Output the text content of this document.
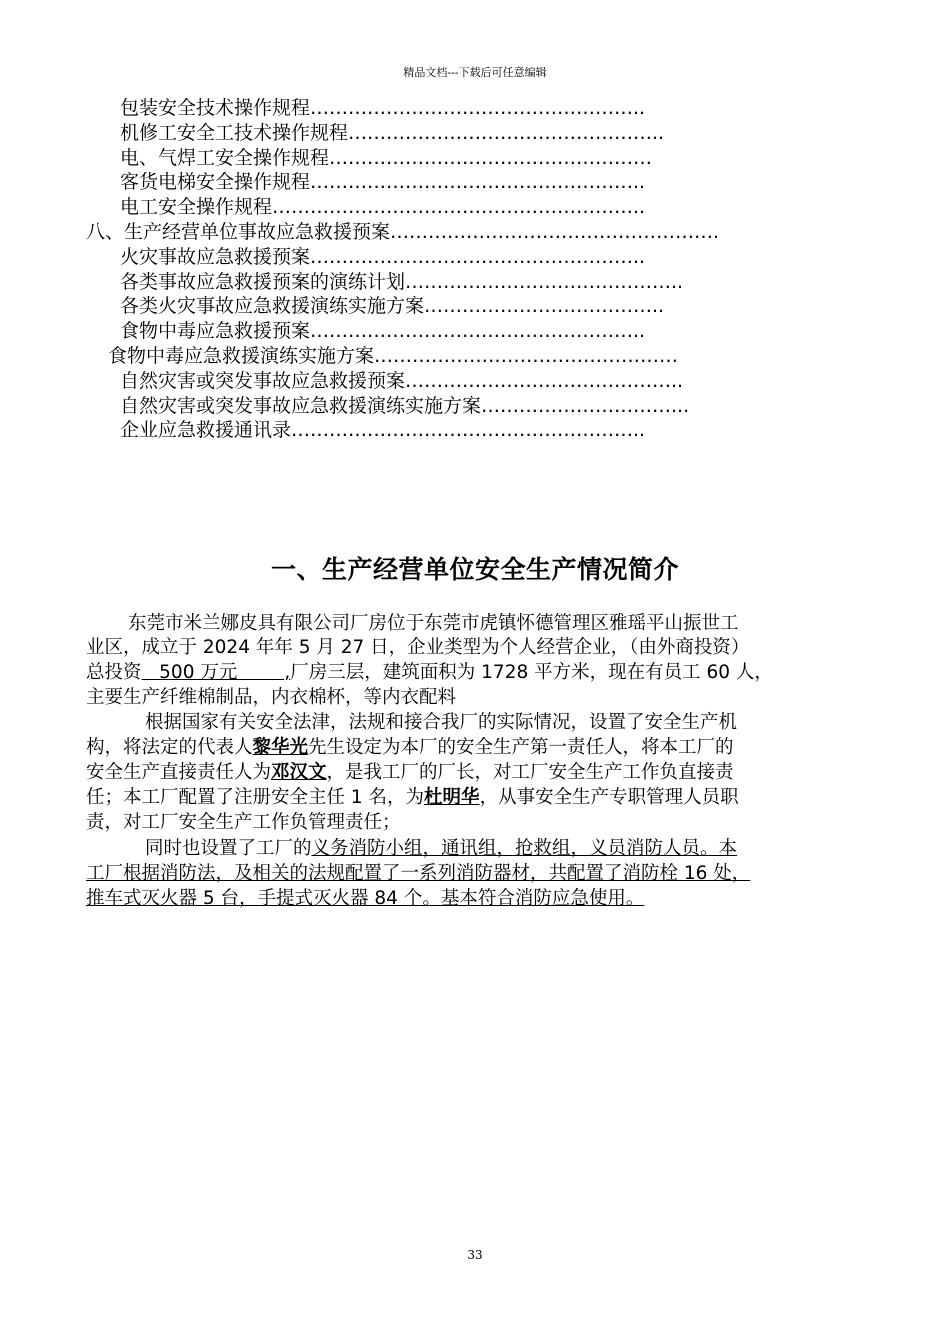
精品文档---下载后可任意编辑
包装安全技术操作规程……………………………………………..
机修工安全工技术操作规程…………………………………………..
电、气焊工安全操作规程……………………………………………
客货电梯安全操作规程……………………………………………..
电工安全操作规程…………………………………………………..
八、生产经营单位事故应急救援预案…………………………………………….
火灾事故应急救援预案……………………………………………..
各类事故应急救援预案的演练计划……………………………………..
各类火灾事故应急救援演练实施方案………………………………..
食物中毒应急救援预案……………………………………………..
食物中毒应急救援演练实施方案…………………………………………
自然灾害或突发事故应急救援预案……………………………………..
自然灾害或突发事故应急救援演练实施方案…………………………...
企业应急救援通讯录………………………………………………..
一、生产经营单位安全生产情况简介
东莞市米兰娜皮具有限公司厂房位于东莞市虎镇怀德管理区雅瑶平山振世工
业区，成立于 2024 年年 5 月 27 日，企业类型为个人经营企业，（由外商投资）
总投资   500 万元        ,厂房三层，建筑面积为 1728 平方米，现在有员工 60 人，
主要生产纤维棉制品，内衣棉杯，等内衣配料
根据国家有关安全法津，法规和接合我厂的实际情况，设置了安全生产机
构，将法定的代表人黎华光先生设定为本厂的安全生产第一责任人，将本工厂的
安全生产直接责任人为邓汉文，是我工厂的厂长，对工厂安全生产工作负直接责
任；本工厂配置了注册安全主任 1 名，为杜明华，从事安全生产专职管理人员职
责，对工厂安全生产工作负管理责任；
同时也设置了工厂的义务消防小组，通讯组，抢救组，义员消防人员。本
工厂根据消防法，及相关的法规配置了一系列消防器材，共配置了消防栓 16 处，
推车式灭火器 5 台，手提式灭火器 84 个。基本符合消防应急使用。
33
